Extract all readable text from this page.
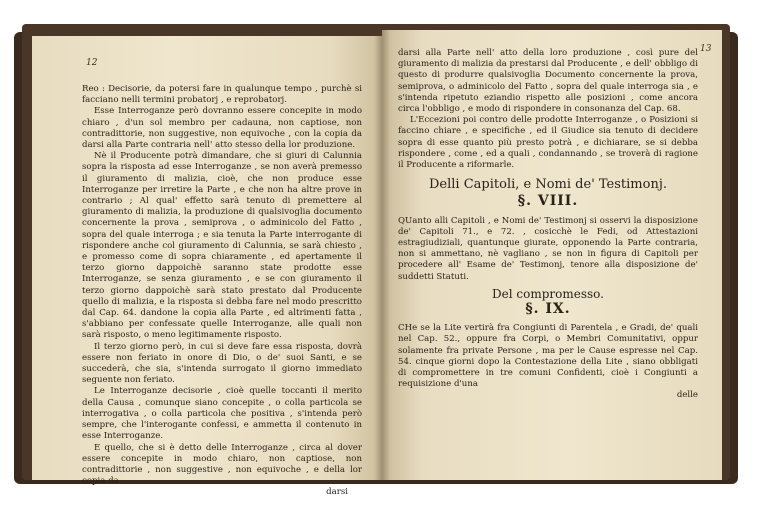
12

Reo : Decisorie, da potersi fare in qualunque tempo , purchè si facciano nelli termini probatorj , e reprobatorj.

Esse Interroganze però dovranno essere concepite in modo chiaro , d'un sol membro per cadauna, non captiose, non contradittorie, non suggestive, non equivoche , con la copia da darsi alla Parte contraria nell' atto stesso della lor produzione.

Nè il Producente potrà dimandare, che si giuri di Calunnia sopra la risposta ad esse Interroganze , se non averà premesso il giuramento di malizia, cioè, che non produce esse Interroganze per irretire la Parte , e che non ha altre prove in contrario ; Al qual' effetto sarà tenuto di premettere al giuramento di malizia, la produzione di qualsivoglia documento concernente la prova , semiprova , o adminicolo del Fatto , sopra del quale interroga ; e sia tenuta la Parte interrogante di rispondere anche col giuramento di Calunnia, se sarà chiesto , e promesso come di sopra chiaramente , ed apertamente il terzo giorno dappoichè saranno state prodotte esse Interroganze, se senza giuramento , e se con giuramento il terzo giorno dappoichè sarà stato prestato dal Producente quello di malizia, e la risposta si debba fare nel modo prescritto dal Cap. 64. dandone la copia alla Parte , ed altrimenti fatta , s'abbiano per confessate quelle Interroganze, alle quali non sarà risposto, o meno legitimamente risposto.

Il terzo giorno però, in cui si deve fare essa risposta, dovrà essere non feriato in onore di Dio, o de' suoi Santi, e se succederà, che sia, s'intenda surrogato il giorno immediato seguente non feriato.

Le Interroganze decisorie , cioè quelle toccanti il merito della Causa , comunque siano concepite , o colla particola se interrogativa , o colla particola che positiva , s'intenda però sempre, che l'interogante confessi, e ammetta il contenuto in esse Interroganze.

E quello, che si è detto delle Interroganze , circa al dover essere concepite in modo chiaro, non captiose, non contradittorie , non suggestive , non equivoche , e della lor copia da

darsi

13

darsi alla Parte nell' atto della loro produzione , così pure del giuramento di malizia da prestarsi dal Producente , e dell' obbligo di questo di produrre qualsivoglia Documento concernente la prova, semiprova, o adminicolo del Fatto , sopra del quale interroga sia , e s'intenda ripetuto eziandio rispetto alle posizioni , come ancora circa l'obbligo , e modo di rispondere in consonanza del Cap. 68.

L'Eccezioni poi contro delle prodotte Interroganze , o Posizioni si faccino chiare , e specifiche , ed il Giudice sia tenuto di decidere sopra di esse quanto più presto potrà , e dichiarare, se si debba rispondere , come , ed a quali , condannando , se troverà di ragione il Producente a riformarle.

Delli Capitoli, e Nomi de' Testimonj.
§. VIII.

QUanto alli Capitoli , e Nomi de' Testimonj si osservi la disposizione de' Capitoli 71., e 72. , cosicchè le Fedi, od Attestazioni estragiudiziali, quantunque giurate, opponendo la Parte contraria, non si ammettano, nè vagliano , se non in figura di Capitoli per procedere all' Esame de' Testimonj, tenore alla disposizione de' suddetti Statuti.

Del compromesso.
§. IX.

CHe se la Lite vertirà fra Congiunti di Parentela , e Gradi, de' quali nel Cap. 52., oppure fra Corpi, o Membri Comunitativi, oppur solamente fra private Persone , ma per le Cause espresse nel Cap. 54. cinque giorni dopo la Contestazione della Lite , siano obbligati di compromettere in tre comuni Confidenti, cioè i Congiunti a requisizione d'una

delle
